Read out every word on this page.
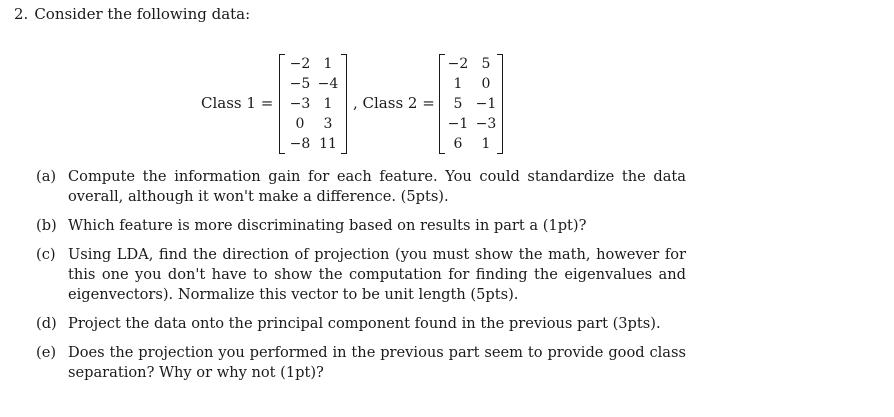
2. Consider the following data:
Class 1 =
−2 1
−5 −4
−3 1
0	3
−8 11
, Class 2 =
−2 5
1	0
5 −1
−1 −3
6	1
(a) Compute the information gain for each feature. You could standardize the data overall, although it won't make a difference. (5pts).
(b) Which feature is more discriminating based on results in part a (1pt)?
(c) Using LDA, find the direction of projection (you must show the math, however for this one you don't have to show the computation for finding the eigenvalues and eigenvectors). Normalize this vector to be unit length (5pts).
(d) Project the data onto the principal component found in the previous part (3pts).
(e) Does the projection you performed in the previous part seem to provide good class separation? Why or why not (1pt)?
